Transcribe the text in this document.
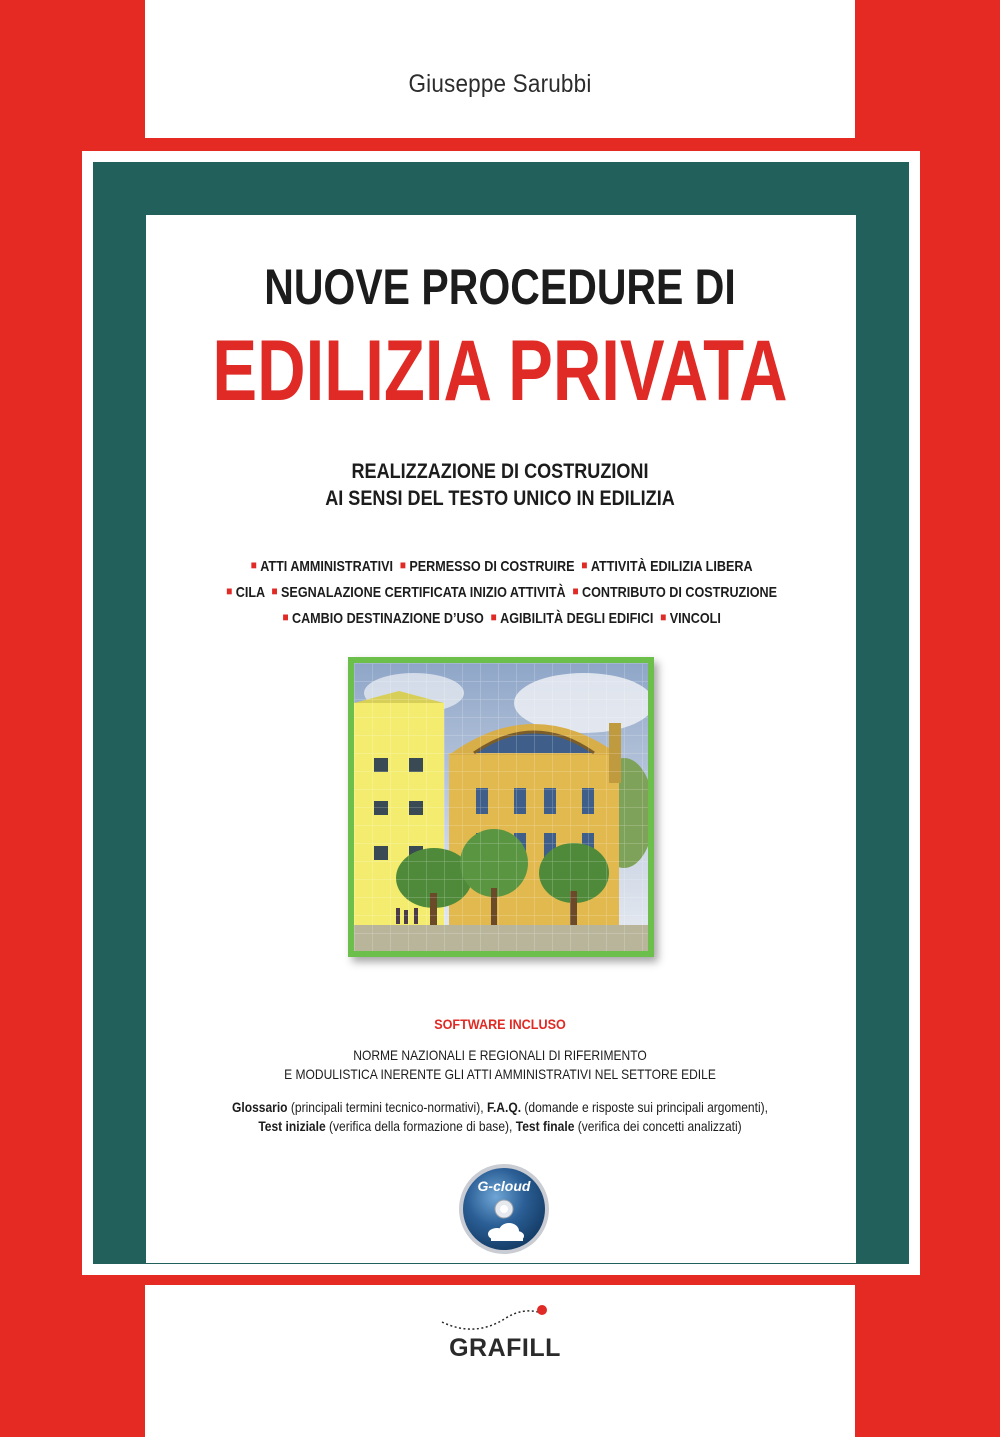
Giuseppe Sarubbi
NUOVE PROCEDURE DI
EDILIZIA PRIVATA
REALIZZAZIONE DI COSTRUZIONI
AI SENSI DEL TESTO UNICO IN EDILIZIA
■ ATTI AMMINISTRATIVI ■ PERMESSO DI COSTRUIRE ■ ATTIVITÀ EDILIZIA LIBERA
■ CILA ■ SEGNALAZIONE CERTIFICATA INIZIO ATTIVITÀ ■ CONTRIBUTO DI COSTRUZIONE
■ CAMBIO DESTINAZIONE D’USO ■ AGIBILITÀ DEGLI EDIFICI ■ VINCOLI
SOFTWARE INCLUSO
NORME NAZIONALI E REGIONALI DI RIFERIMENTO
E MODULISTICA INERENTE GLI ATTI AMMINISTRATIVI NEL SETTORE EDILE
Glossario (principali termini tecnico-normativi), F.A.Q. (domande e risposte sui principali argomenti),
Test iniziale (verifica della formazione di base), Test finale (verifica dei concetti analizzati)
G-cloud
GRAFILL
